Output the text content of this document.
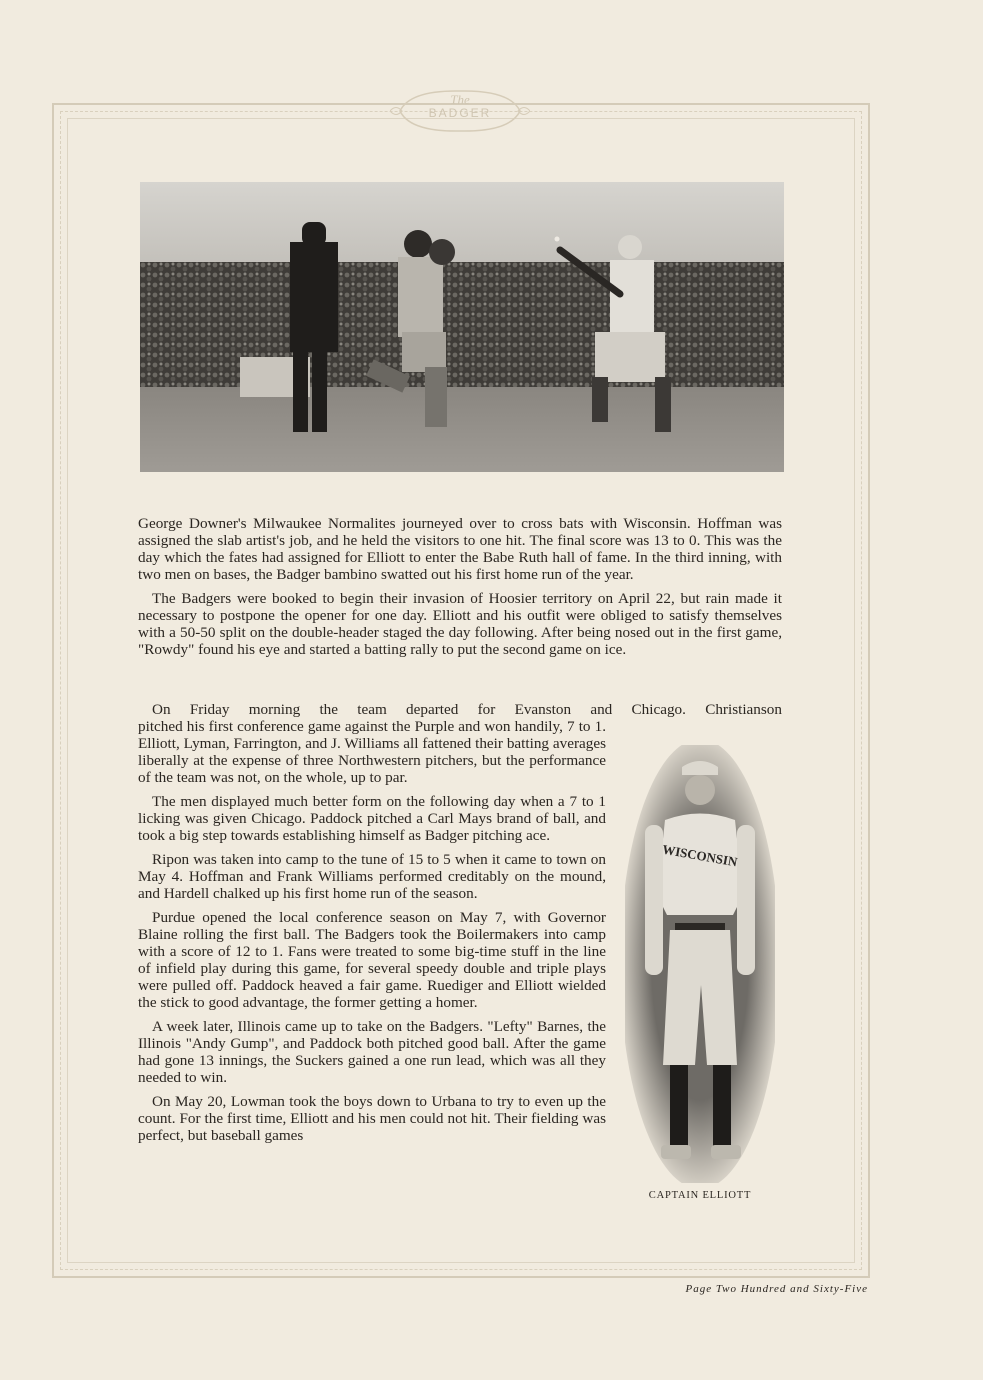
The
BADGER

George Downer's Milwaukee Normalites journeyed over to cross bats with Wisconsin. Hoffman was assigned the slab artist's job, and he held the visitors to one hit. The final score was 13 to 0. This was the day which the fates had assigned for Elliott to enter the Babe Ruth hall of fame. In the third inning, with two men on bases, the Badger bambino swatted out his first home run of the year.

The Badgers were booked to begin their invasion of Hoosier territory on April 22, but rain made it necessary to postpone the opener for one day. Elliott and his outfit were obliged to satisfy themselves with a 50-50 split on the double-header staged the day following. After being nosed out in the first game, "Rowdy" found his eye and started a batting rally to put the second game on ice.

On Friday morning the team departed for Evanston and Chicago. Christianson

pitched his first conference game against the Purple and won handily, 7 to 1. Elliott, Lyman, Farrington, and J. Williams all fattened their batting averages liberally at the expense of three Northwestern pitchers, but the performance of the team was not, on the whole, up to par.

The men displayed much better form on the following day when a 7 to 1 licking was given Chicago. Paddock pitched a Carl Mays brand of ball, and took a big step towards establishing himself as Badger pitching ace.

Ripon was taken into camp to the tune of 15 to 5 when it came to town on May 4. Hoffman and Frank Williams performed creditably on the mound, and Hardell chalked up his first home run of the season.

Purdue opened the local conference season on May 7, with Governor Blaine rolling the first ball. The Badgers took the Boilermakers into camp with a score of 12 to 1. Fans were treated to some big-time stuff in the line of infield play during this game, for several speedy double and triple plays were pulled off. Paddock heaved a fair game. Ruediger and Elliott wielded the stick to good advantage, the former getting a homer.

A week later, Illinois came up to take on the Badgers. "Lefty" Barnes, the Illinois "Andy Gump", and Paddock both pitched good ball. After the game had gone 13 innings, the Suckers gained a one run lead, which was all they needed to win.

On May 20, Lowman took the boys down to Urbana to try to even up the count. For the first time, Elliott and his men could not hit. Their fielding was perfect, but baseball games

WISCONSIN
CAPTAIN ELLIOTT
Page Two Hundred and Sixty-Five
